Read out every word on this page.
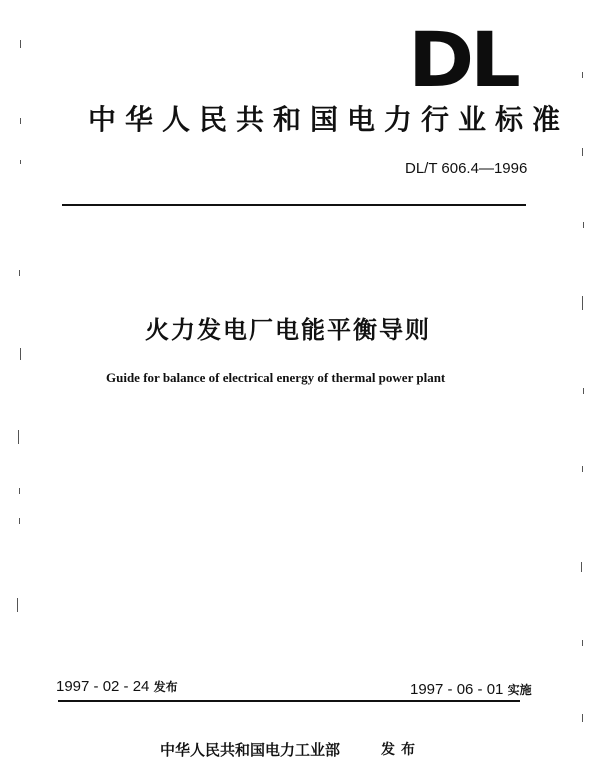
DL
中华人民共和国电力行业标准
DL/T 606.4—1996
火力发电厂电能平衡导则
Guide for balance of electrical energy of thermal power plant
1997 - 02 - 24 发布	1997 - 06 - 01 实施
中华人民共和国电力工业部	发布
